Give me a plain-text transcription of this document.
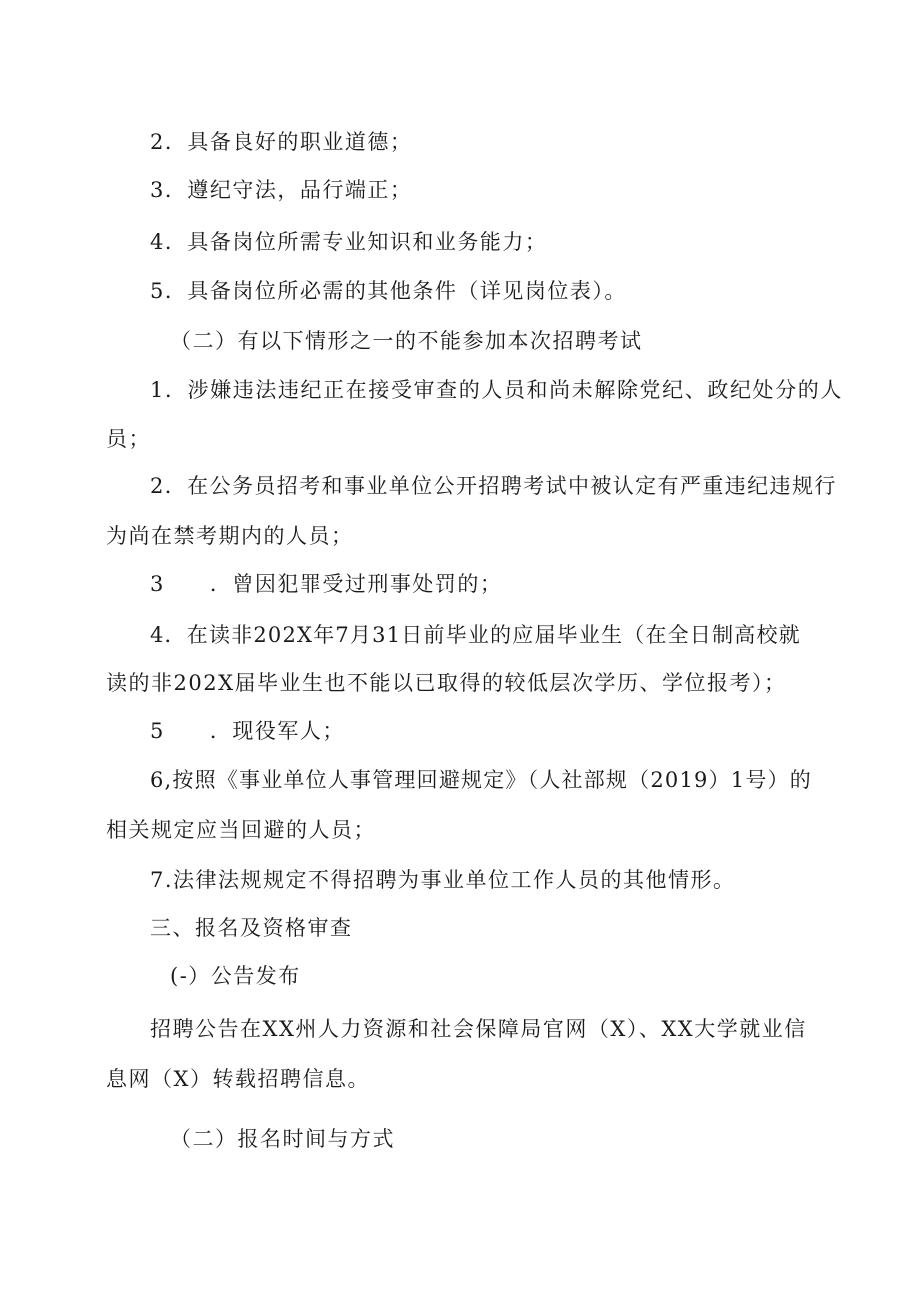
2．具备良好的职业道德；
3．遵纪守法，品行端正；
4．具备岗位所需专业知识和业务能力；
5．具备岗位所必需的其他条件（详见岗位表）。
（二）有以下情形之一的不能参加本次招聘考试
1．涉嫌违法违纪正在接受审查的人员和尚未解除党纪、政纪处分的人
员；
2．在公务员招考和事业单位公开招聘考试中被认定有严重违纪违规行
为尚在禁考期内的人员；
3　　．曾因犯罪受过刑事处罚的；
4．在读非202X年7月31日前毕业的应届毕业生（在全日制高校就
读的非202X届毕业生也不能以已取得的较低层次学历、学位报考）；
5　　．现役军人；
6,按照《事业单位人事管理回避规定》（人社部规（2019）1号）的
相关规定应当回避的人员；
7.法律法规规定不得招聘为事业单位工作人员的其他情形。
三、报名及资格审查
(-）公告发布
招聘公告在XX州人力资源和社会保障局官网（X）、XX大学就业信
息网（X）转载招聘信息。
（二）报名时间与方式
